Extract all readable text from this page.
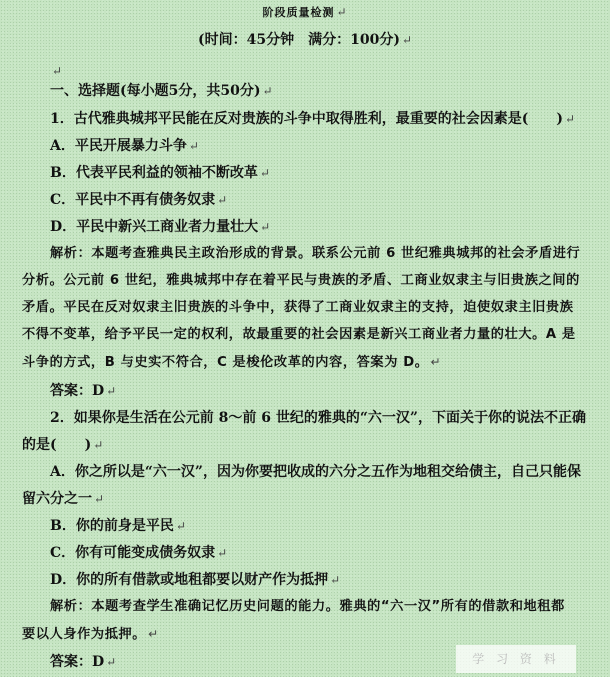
阶段质量检测 ↵
(时间：45分钟　满分：100分) ↵
↵
一、选择题(每小题5分，共50分) ↵
1．古代雅典城邦平民能在反对贵族的斗争中取得胜利，最重要的社会因素是(　　) ↵
A．平民开展暴力斗争 ↵
B．代表平民利益的领袖不断改革 ↵
C．平民中不再有债务奴隶 ↵
D．平民中新兴工商业者力量壮大 ↵
解析：本题考查雅典民主政治形成的背景。联系公元前 6 世纪雅典城邦的社会矛盾进行
分析。公元前 6 世纪，雅典城邦中存在着平民与贵族的矛盾、工商业奴隶主与旧贵族之间的
矛盾。平民在反对奴隶主旧贵族的斗争中，获得了工商业奴隶主的支持，迫使奴隶主旧贵族
不得不变革，给予平民一定的权利，故最重要的社会因素是新兴工商业者力量的壮大。A 是
斗争的方式，B 与史实不符合，C 是梭伦改革的内容，答案为 D。 ↵
答案：D ↵
2．如果你是生活在公元前 8～前 6 世纪的雅典的“六一汉”，下面关于你的说法不正确
的是(　　) ↵
A．你之所以是“六一汉”，因为你要把收成的六分之五作为地租交给债主，自己只能保
留六分之一 ↵
B．你的前身是平民 ↵
C．你有可能变成债务奴隶 ↵
D．你的所有借款或地租都要以财产作为抵押 ↵
解析：本题考查学生准确记忆历史问题的能力。雅典的“六一汉”所有的借款和地租都
要以人身作为抵押。 ↵
答案：D ↵	学 习 资 料
